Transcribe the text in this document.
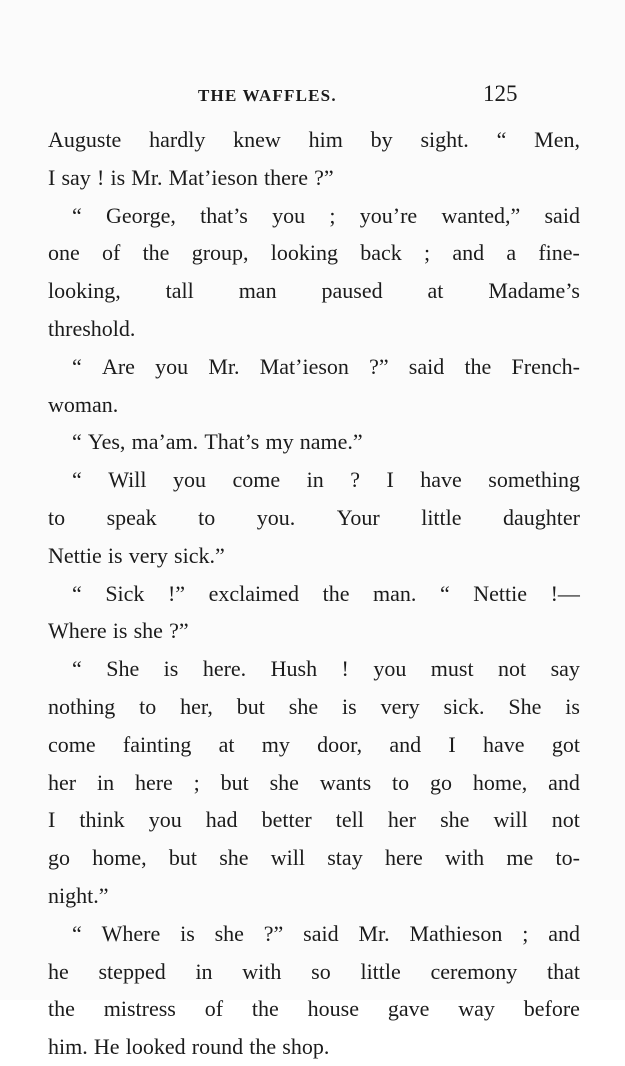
THE WAFFLES.	125
Auguste hardly knew him by sight. “ Men,
I say ! is Mr. Mat’ieson there ?”
“ George, that’s you ; you’re wanted,” said
one of the group, looking back ; and a fine-
looking, tall man paused at Madame’s
threshold.
“ Are you Mr. Mat’ieson ?” said the French-
woman.
“ Yes, ma’am. That’s my name.”
“ Will you come in ? I have something
to speak to you. Your little daughter
Nettie is very sick.”
“ Sick !” exclaimed the man. “ Nettie !—
Where is she ?”
“ She is here. Hush ! you must not say
nothing to her, but she is very sick. She is
come fainting at my door, and I have got
her in here ; but she wants to go home, and
I think you had better tell her she will not
go home, but she will stay here with me to-
night.”
“ Where is she ?” said Mr. Mathieson ; and
he stepped in with so little ceremony that
the mistress of the house gave way before
him. He looked round the shop.
